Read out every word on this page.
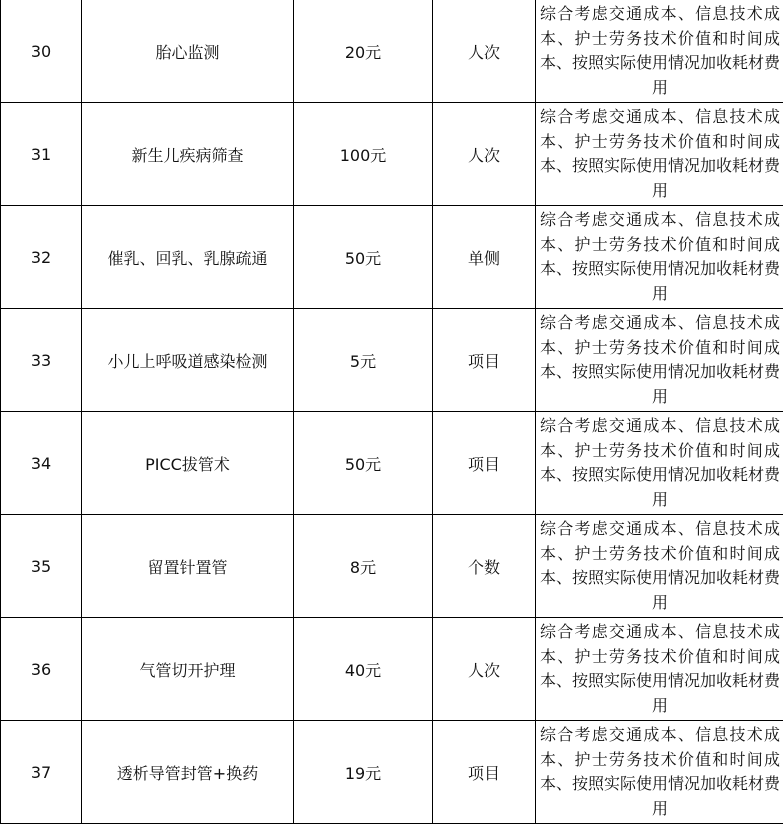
30	胎心监测	20元	人次	综合考虑交通成本、信息技术成本、护士劳务技术价值和时间成本、按照实际使用情况加收耗材费用

31	新生儿疾病筛查	100元	人次	综合考虑交通成本、信息技术成本、护士劳务技术价值和时间成本、按照实际使用情况加收耗材费用

32	催乳、回乳、乳腺疏通	50元	单侧	综合考虑交通成本、信息技术成本、护士劳务技术价值和时间成本、按照实际使用情况加收耗材费用

33	小儿上呼吸道感染检测	5元	项目	综合考虑交通成本、信息技术成本、护士劳务技术价值和时间成本、按照实际使用情况加收耗材费用

34	PICC拔管术	50元	项目	综合考虑交通成本、信息技术成本、护士劳务技术价值和时间成本、按照实际使用情况加收耗材费用

35	留置针置管	8元	个数	综合考虑交通成本、信息技术成本、护士劳务技术价值和时间成本、按照实际使用情况加收耗材费用

36	气管切开护理	40元	人次	综合考虑交通成本、信息技术成本、护士劳务技术价值和时间成本、按照实际使用情况加收耗材费用

37	透析导管封管+换药	19元	项目	综合考虑交通成本、信息技术成本、护士劳务技术价值和时间成本、按照实际使用情况加收耗材费用
